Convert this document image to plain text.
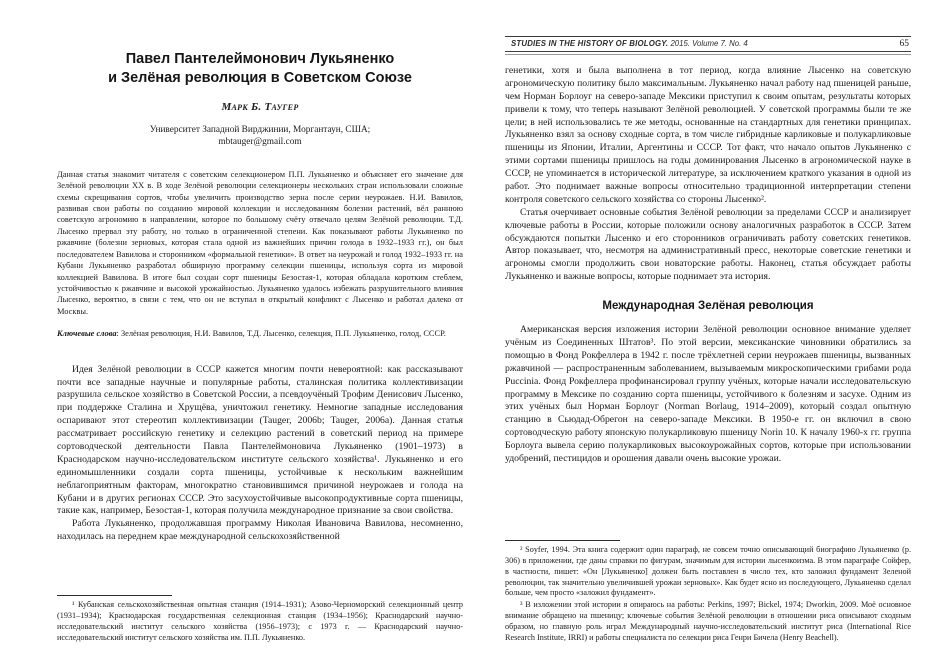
Павел Пантелеймонович Лукьяненко
и Зелёная революция в Советском Союзе
Марк Б. Таугер
Университет Западной Вирджинии, Моргантаун, США;
mbtauger@gmail.com
Данная статья знакомит читателя с советским селекционером П.П. Лукьяненко и объясняет его значение для Зелёной революции XX в. В ходе Зелёной революции селекционеры нескольких стран использовали сложные схемы скрещивания сортов, чтобы увеличить производство зерна после серии неурожаев. Н.И. Вавилов, развивая свои работы по созданию мировой коллекции и исследованиям болезни растений, вёл раннюю советскую агрономию в направлении, которое по большому счёту отвечало целям Зелёной революции. Т.Д. Лысенко прервал эту работу, но только в ограниченной степени. Как показывают работы Лукьяненко по ржавчине (болезни зерновых, которая стала одной из важнейших причин голода в 1932–1933 гг.), он был последователем Вавилова и сторонником «формальной генетики». В ответ на неурожай и голод 1932–1933 гг. на Кубани Лукьяненко разработал обширную программу селекции пшеницы, используя сорта из мировой коллекцией Вавилова. В итоге был создан сорт пшеницы Безостая-1, которая обладала коротким стеблем, устойчивостью к ржавчине и высокой урожайностью. Лукьяненко удалось избежать разрушительного влияния Лысенко, вероятно, в связи с тем, что он не вступал в открытый конфликт с Лысенко и работал далеко от Москвы.
Ключевые слова: Зелёная революция, Н.И. Вавилов, Т.Д. Лысенко, селекция, П.П. Лукьяненко, голод, СССР.

Идея Зелёной революции в СССР кажется многим почти невероятной: как рассказывают почти все западные научные и популярные работы, сталинская политика коллективизации разрушила сельское хозяйство в Советской России, а псевдоучёный Трофим Денисович Лысенко, при поддержке Сталина и Хрущёва, уничтожил генетику. Немногие западные исследования оспаривают этот стереотип коллективизации (Tauger, 2006b; Tauger, 2006a). Данная статья рассматривает российскую генетику и селекцию растений в советский период на примере сортоводческой деятельности Павла Пантелеймоновича Лукьяненко (1901–1973) в Краснодарском научно-исследовательском институте сельского хозяйства¹. Лукьяненко и его единомышленники создали сорта пшеницы, устойчивые к нескольким важнейшим неблагоприятным факторам, многократно становившимся причиной неурожаев и голода на Кубани и в других регионах СССР. Это засухоустойчивые высокопродуктивные сорта пшеницы, такие как, например, Безостая-1, которая получила международное признание за свои свойства.

Работа Лукьяненко, продолжавшая программу Николая Ивановича Вавилова, несомненно, находилась на переднем крае международной сельскохозяйственной

¹ Кубанская сельскохозяйственная опытная станция (1914–1931); Азово-Черноморский селекционный центр (1931–1934); Краснодарская государственная селекционная станция (1934–1956); Краснодарский научно-исследовательский институт сельского хозяйства (1956–1973); с 1973 г. — Краснодарский научно-исследовательский институт сельского хозяйства им. П.П. Лукьяненко.

STUDIES IN THE HISTORY OF BIOLOGY. 2015. Volume 7. No. 4	65

генетики, хотя и была выполнена в тот период, когда влияние Лысенко на советскую агрономическую политику было максимальным. Лукьяненко начал работу над пшеницей раньше, чем Норман Борлоуг на северо-западе Мексики приступил к своим опытам, результаты которых привели к тому, что теперь называют Зелёной революцией. У советской программы были те же цели; в ней использовались те же методы, основанные на стандартных для генетики принципах. Лукьяненко взял за основу сходные сорта, в том числе гибридные карликовые и полукарликовые пшеницы из Японии, Италии, Аргентины и СССР. Тот факт, что начало опытов Лукьяненко с этими сортами пшеницы пришлось на годы доминирования Лысенко в агрономической науке в СССР, не упоминается в исторической литературе, за исключением краткого указания в одной из работ. Это поднимает важные вопросы относительно традиционной интерпретации степени контроля советского сельского хозяйства со стороны Лысенко².

Статья очерчивает основные события Зелёной революции за пределами СССР и анализирует ключевые работы в России, которые положили основу аналогичных разработок в СССР. Затем обсуждаются попытки Лысенко и его сторонников ограничивать работу советских генетиков. Автор показывает, что, несмотря на административный пресс, некоторые советские генетики и агрономы смогли продолжить свои новаторские работы. Наконец, статья обсуждает работы Лукьяненко и важные вопросы, которые поднимает эта история.

Международная Зелёная революция

Американская версия изложения истории Зелёной революции основное внимание уделяет учёным из Соединенных Штатов³. По этой версии, мексиканские чиновники обратились за помощью в Фонд Рокфеллера в 1942 г. после трёхлетней серии неурожаев пшеницы, вызванных ржавчиной — распространенным заболеванием, вызываемым микроскопическими грибами рода Puccinia. Фонд Рокфеллера профинансировал группу учёных, которые начали исследовательскую программу в Мексике по созданию сорта пшеницы, устойчивого к болезням и засухе. Одним из этих учёных был Норман Борлоуг (Norman Borlaug, 1914–2009), который создал опытную станцию в Сьюдад-Обрегон на северо-западе Мексики. В 1950-е гг. он включил в свою сортоводческую работу японскую полукарликовую пшеницу Norin 10. К началу 1960-х гг. группа Борлоуга вывела серию полукарликовых высокоурожайных сортов, которые при использовании удобрений, пестицидов и орошения давали очень высокие урожаи.

² Soyfer, 1994. Эта книга содержит один параграф, не совсем точно описывающий биографию Лукьяненко (р. 306) в приложении, где даны справки по фигурам, значимым для истории лысенкоизма. В этом параграфе Сойфер, в частности, пишет: «Он [Лукьяненко] должен быть поставлен в число тех, кто заложил фундамент Зеленой революции, так значительно увеличившей урожаи зерновых». Как будет ясно из последующего, Лукьяненко сделал больше, чем просто «заложил фундамент».

³ В изложении этой истории я опираюсь на работы: Perkins, 1997; Bickel, 1974; Dworkin, 2009. Моё основное внимание обращено на пшеницу; ключевые события Зелёной революции в отношении риса описывают сходным образом, но главную роль играл Международный научно-исследовательский институт риса (International Rice Research Institute, IRRI) и работы специалиста по селекции риса Генри Бичела (Henry Beachell).
